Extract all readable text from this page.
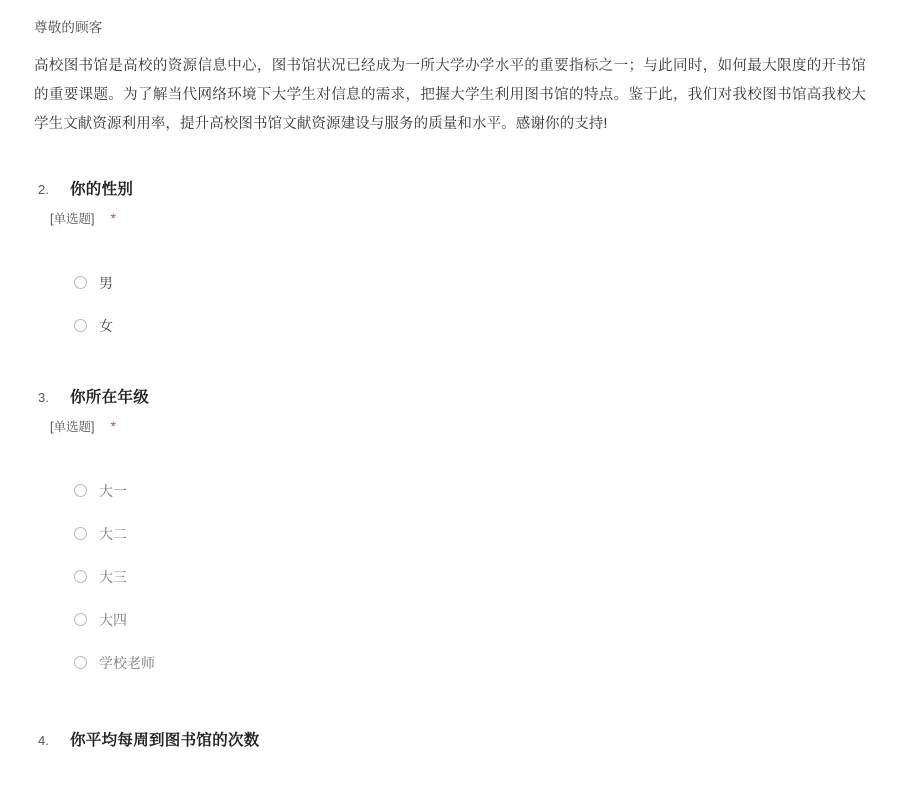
尊敬的顾客
高校图书馆是高校的资源信息中心，图书馆状况已经成为一所大学办学水平的重要指标之一；与此同时，如何最大限度的开书馆的重要课题。为了解当代网络环境下大学生对信息的需求，把握大学生利用图书馆的特点。鉴于此，我们对我校图书馆高我校大学生文献资源利用率，提升高校图书馆文献资源建设与服务的质量和水平。感谢你的支持!
2.	你的性别
[单选题] *
男
女
3.	你所在年级
[单选题] *
大一
大二
大三
大四
学校老师
4.	你平均每周到图书馆的次数
